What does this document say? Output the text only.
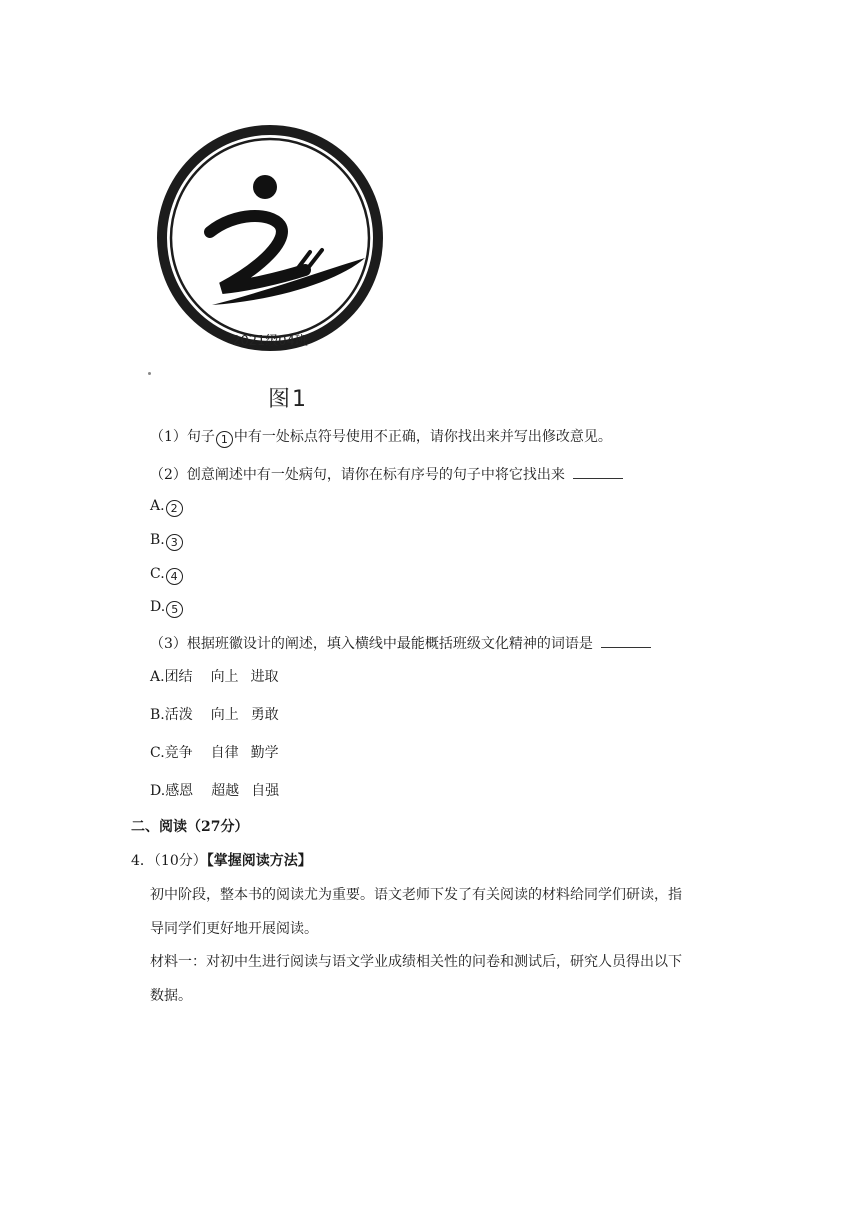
2021级04班
图1
（1）句子 1 中有一处标点符号使用不正确，请你找出来并写出修改意见。
（2）创意阐述中有一处病句，请你在标有序号的句子中将它找出来
A. 2
B. 3
C. 4
D. 5
（3）根据班徽设计的阐述，填入横线中最能概括班级文化精神的词语是
A.团结 向上 进取
B.活泼 向上 勇敢
C.竞争 自律 勤学
D.感恩 超越 自强
二、阅读（27分）
4．（10分）【掌握阅读方法】
初中阶段，整本书的阅读尤为重要。语文老师下发了有关阅读的材料给同学们研读，指
导同学们更好地开展阅读。
材料一：对初中生进行阅读与语文学业成绩相关性的问卷和测试后，研究人员得出以下
数据。
